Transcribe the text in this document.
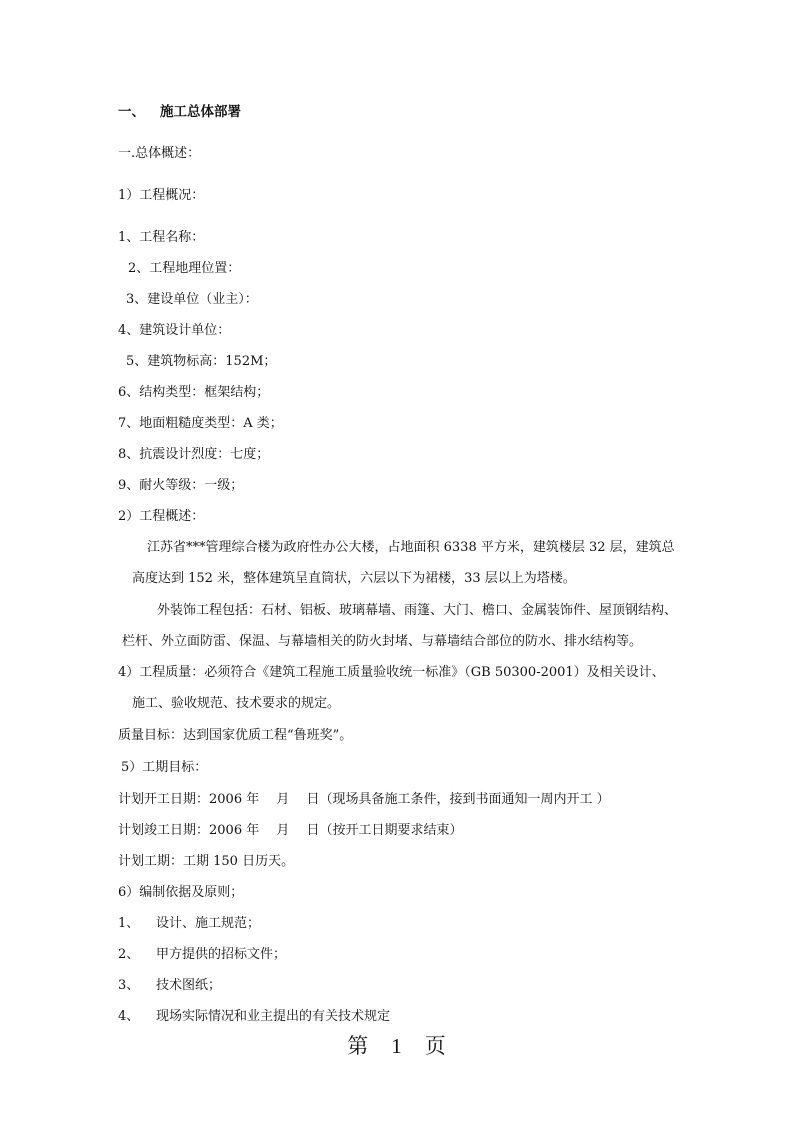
一、 施工总体部署
一.总体概述：
1）工程概况：
1、工程名称：
2、工程地理位置：
3、建设单位（业主）：
4、建筑设计单位：
5、建筑物标高：152M；
6、结构类型：框架结构；
7、地面粗糙度类型：A 类；
8、抗震设计烈度：七度；
9、耐火等级：一级；
2）工程概述：
江苏省***管理综合楼为政府性办公大楼，占地面积 6338 平方米，建筑楼层 32 层，建筑总
高度达到 152 米，整体建筑呈直筒状，六层以下为裙楼，33 层以上为塔楼。
外装饰工程包括：石材、铝板、玻璃幕墙、雨篷、大门、檐口、金属装饰件、屋顶钢结构、
栏杆、外立面防雷、保温、与幕墙相关的防火封堵、与幕墙结合部位的防水、排水结构等。
4）工程质量：必须符合《建筑工程施工质量验收统一标准》（GB 50300-2001）及相关设计、
施工、验收规范、技术要求的规定。
质量目标：达到国家优质工程“鲁班奖”。
5）工期目标：
计划开工日期：2006 年　 月　 日（现场具备施工条件，接到书面通知一周内开工 ）
计划竣工日期：2006 年　 月　 日（按开工日期要求结束）
计划工期：工期 150 日历天。
6）编制依据及原则；
1、 设计、施工规范；
2、 甲方提供的招标文件；
3、 技术图纸；
4、 现场实际情况和业主提出的有关技术规定
第　1　页
